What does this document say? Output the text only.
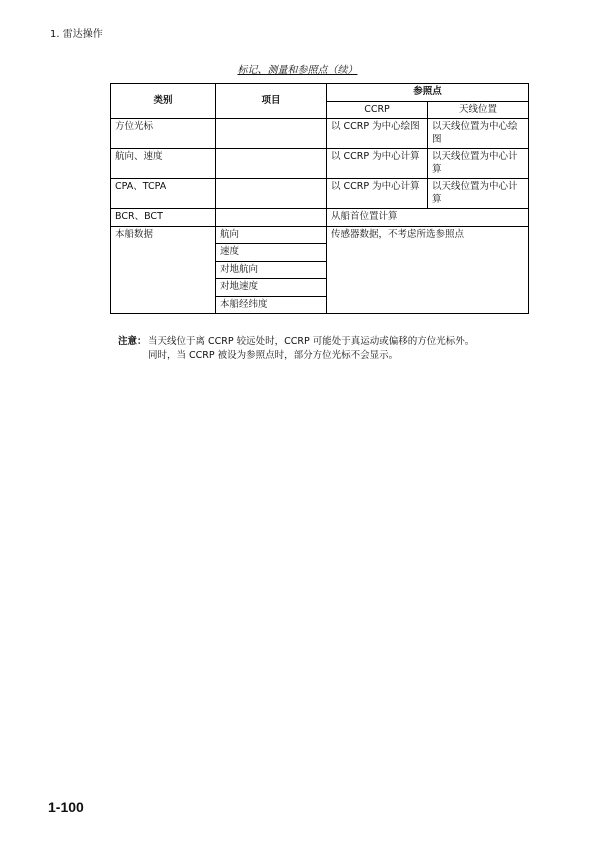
1. 雷达操作
标记、测量和参照点（续）
类别	项目	参照点	
		CCRP	天线位置
方位光标		以 CCRP 为中心绘图	以天线位置为中心绘图
航向、速度		以 CCRP 为中心计算	以天线位置为中心计算
CPA、TCPA		以 CCRP 为中心计算	以天线位置为中心计算
BCR、BCT		从船首位置计算	
本船数据	航向	传感器数据，不考虑所选参照点	
	速度		
	对地航向		
	对地速度		
	本船经纬度		
注意：当天线位于离 CCRP 较远处时，CCRP 可能处于真运动或偏移的方位光标外。
同时，当 CCRP 被设为参照点时，部分方位光标不会显示。
1-100
